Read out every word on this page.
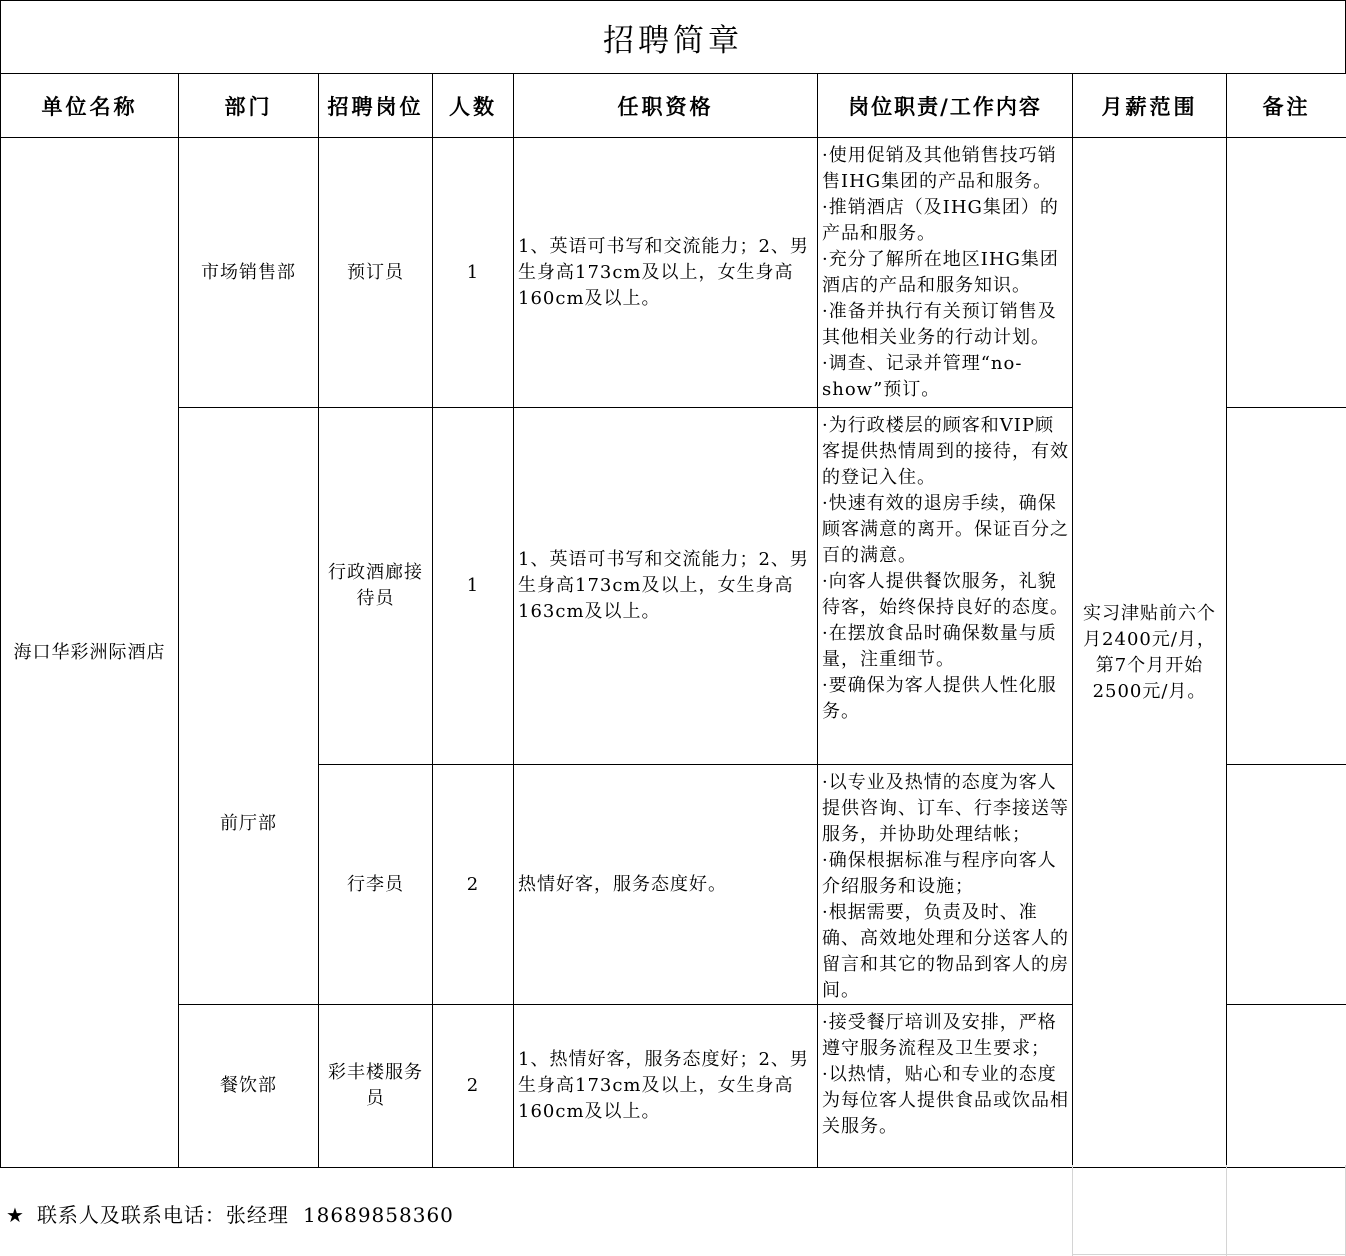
招聘简章
单位名称	部门	招聘岗位	人数	任职资格	岗位职责/工作内容	月薪范围	备注
海口华彩洲际酒店	市场销售部	预订员	1	1、英语可书写和交流能力；2、男生身高173cm及以上，女生身高160cm及以上。	·使用促销及其他销售技巧销售IHG集团的产品和服务。
·推销酒店（及IHG集团）的产品和服务。
·充分了解所在地区IHG集团酒店的产品和服务知识。
·准备并执行有关预订销售及其他相关业务的行动计划。
·调查、记录并管理“no-show”预订。	实习津贴前六个月2400元/月，第7个月开始2500元/月。	
	前厅部	行政酒廊接待员	1	1、英语可书写和交流能力；2、男生身高173cm及以上，女生身高163cm及以上。	·为行政楼层的顾客和VIP顾客提供热情周到的接待，有效的登记入住。
·快速有效的退房手续，确保顾客满意的离开。保证百分之百的满意。
·向客人提供餐饮服务，礼貌待客，始终保持良好的态度。
·在摆放食品时确保数量与质量，注重细节。
·要确保为客人提供人性化服务。		

		行李员	2	热情好客，服务态度好。	·以专业及热情的态度为客人提供咨询、订车、行李接送等服务，并协助处理结帐；
·确保根据标准与程序向客人介绍服务和设施；
·根据需要，负责及时、准确、高效地处理和分送客人的留言和其它的物品到客人的房间。		

	餐饮部	彩丰楼服务员	2	1、热情好客，服务态度好；2、男生身高173cm及以上，女生身高160cm及以上。	·接受餐厅培训及安排，严格遵守服务流程及卫生要求；
·以热情，贴心和专业的态度为每位客人提供食品或饮品相关服务。		

★ 联系人及联系电话：张经理 18689858360
